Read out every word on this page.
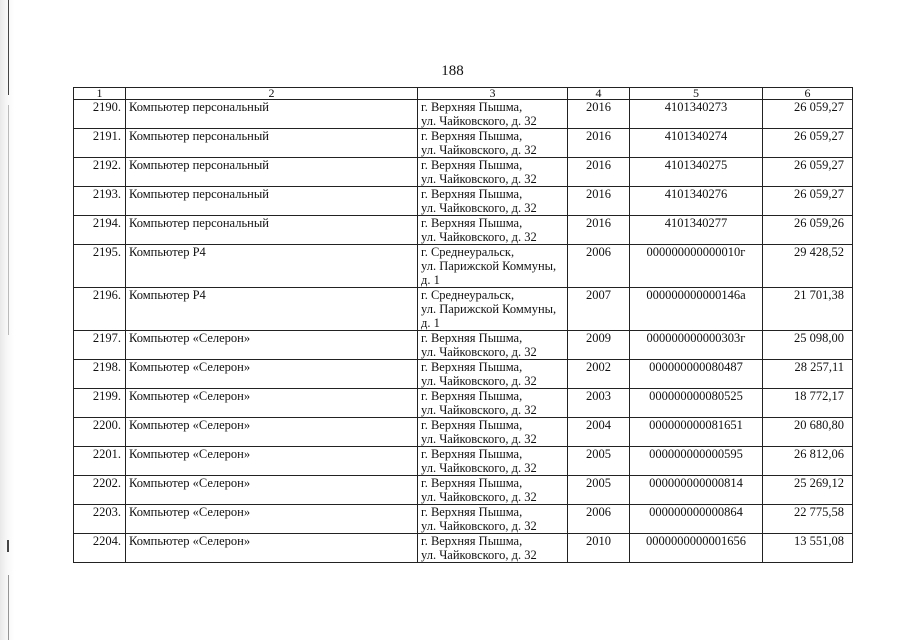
188
1	2	3	4	5	6
2190.	Компьютер персональный	г. Верхняя Пышма,
ул. Чайковского, д. 32	2016	4101340273	26 059,27
2191.	Компьютер персональный	г. Верхняя Пышма,
ул. Чайковского, д. 32	2016	4101340274	26 059,27
2192.	Компьютер персональный	г. Верхняя Пышма,
ул. Чайковского, д. 32	2016	4101340275	26 059,27
2193.	Компьютер персональный	г. Верхняя Пышма,
ул. Чайковского, д. 32	2016	4101340276	26 059,27
2194.	Компьютер персональный	г. Верхняя Пышма,
ул. Чайковского, д. 32	2016	4101340277	26 059,26
2195.	Компьютер Р4	г. Среднеуральск,
ул. Парижской Коммуны,
д. 1	2006	000000000000010г	29 428,52
2196.	Компьютер Р4	г. Среднеуральск,
ул. Парижской Коммуны,
д. 1	2007	000000000000146а	21 701,38
2197.	Компьютер «Селерон»	г. Верхняя Пышма,
ул. Чайковского, д. 32	2009	000000000000303г	25 098,00
2198.	Компьютер «Селерон»	г. Верхняя Пышма,
ул. Чайковского, д. 32	2002	000000000080487	28 257,11
2199.	Компьютер «Селерон»	г. Верхняя Пышма,
ул. Чайковского, д. 32	2003	000000000080525	18 772,17
2200.	Компьютер «Селерон»	г. Верхняя Пышма,
ул. Чайковского, д. 32	2004	000000000081651	20 680,80
2201.	Компьютер «Селерон»	г. Верхняя Пышма,
ул. Чайковского, д. 32	2005	000000000000595	26 812,06
2202.	Компьютер «Селерон»	г. Верхняя Пышма,
ул. Чайковского, д. 32	2005	000000000000814	25 269,12
2203.	Компьютер «Селерон»	г. Верхняя Пышма,
ул. Чайковского, д. 32	2006	000000000000864	22 775,58
2204.	Компьютер «Селерон»	г. Верхняя Пышма,
ул. Чайковского, д. 32	2010	0000000000001656	13 551,08
